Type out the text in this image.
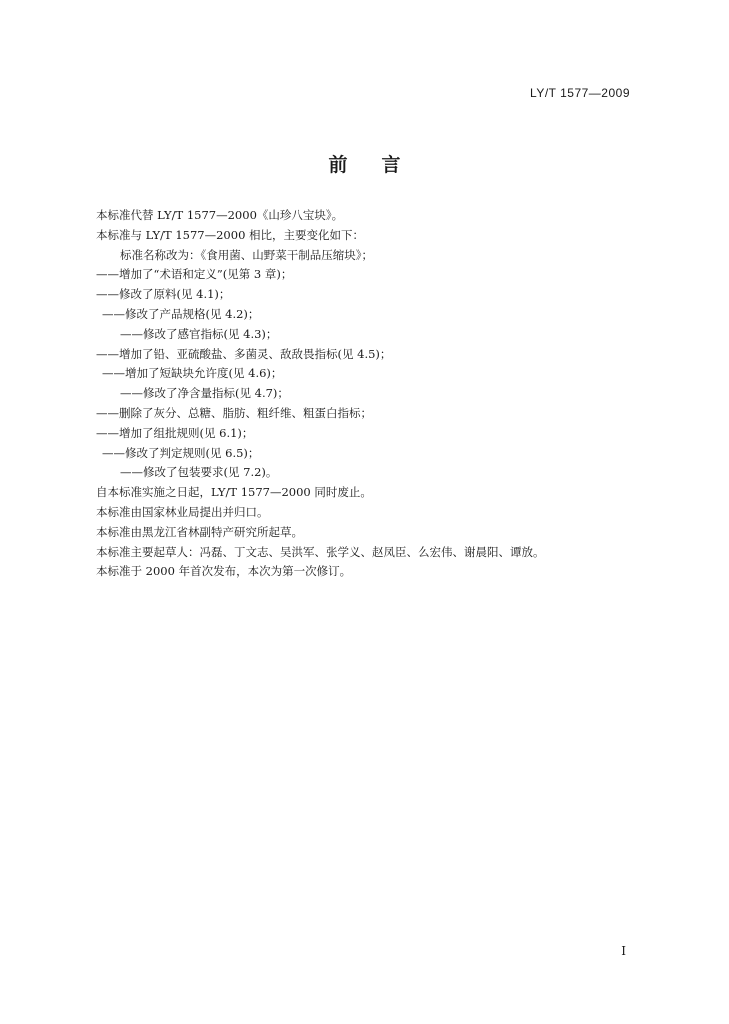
LY/T 1577—2009
前言
本标准代替 LY/T 1577—2000《山珍八宝块》。
本标准与 LY/T 1577—2000 相比，主要变化如下：
标准名称改为：《食用菌、山野菜干制品压缩块》；
——增加了“术语和定义”(见第 3 章)；
——修改了原料(见 4.1)；
——修改了产品规格(见 4.2)；
——修改了感官指标(见 4.3)；
——增加了铅、亚硫酸盐、多菌灵、敌敌畏指标(见 4.5)；
——增加了短缺块允许度(见 4.6)；
——修改了净含量指标(见 4.7)；
——删除了灰分、总糖、脂肪、粗纤维、粗蛋白指标；
——增加了组批规则(见 6.1)；
——修改了判定规则(见 6.5)；
——修改了包装要求(见 7.2)。
自本标准实施之日起，LY/T 1577—2000 同时废止。
本标准由国家林业局提出并归口。
本标准由黑龙江省林副特产研究所起草。
本标准主要起草人：冯磊、丁文志、吴洪军、张学义、赵凤臣、么宏伟、谢晨阳、谭放。
本标准于 2000 年首次发布，本次为第一次修订。
I
